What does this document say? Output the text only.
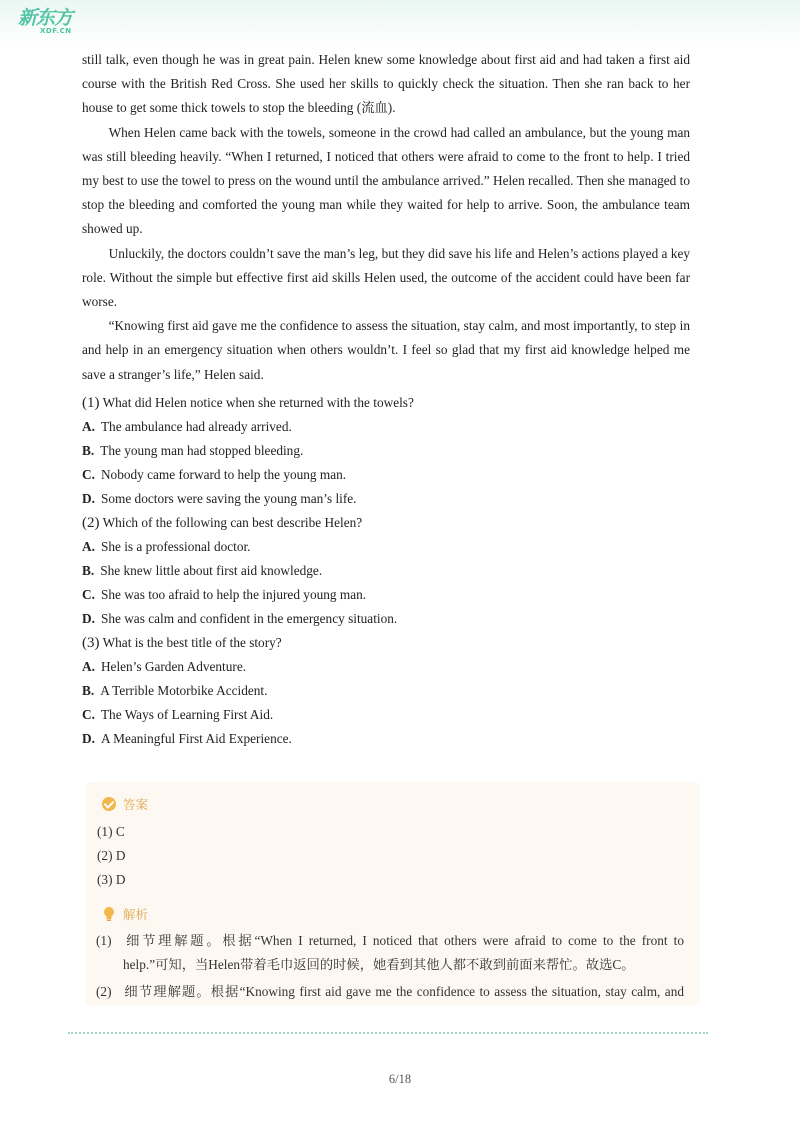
新东方
XDF.CN

still talk, even though he was in great pain. Helen knew some knowledge about first aid and had taken a first aid course with the British Red Cross. She used her skills to quickly check the situation. Then she ran back to her house to get some thick towels to stop the bleeding (流血).

When Helen came back with the towels, someone in the crowd had called an ambulance, but the young man was still bleeding heavily. “When I returned, I noticed that others were afraid to come to the front to help. I tried my best to use the towel to press on the wound until the ambulance arrived.” Helen recalled. Then she managed to stop the bleeding and comforted the young man while they waited for help to arrive. Soon, the ambulance team showed up.

Unluckily, the doctors couldn’t save the man’s leg, but they did save his life and Helen’s actions played a key role. Without the simple but effective first aid skills Helen used, the outcome of the accident could have been far worse.

“Knowing first aid gave me the confidence to assess the situation, stay calm, and most importantly, to step in and help in an emergency situation when others wouldn’t. I feel so glad that my first aid knowledge helped me save a stranger’s life,” Helen said.

(1) What did Helen notice when she returned with the towels?
A. The ambulance had already arrived.
B. The young man had stopped bleeding.
C. Nobody came forward to help the young man.
D. Some doctors were saving the young man’s life.
(2) Which of the following can best describe Helen?
A. She is a professional doctor.
B. She knew little about first aid knowledge.
C. She was too afraid to help the injured young man.
D. She was calm and confident in the emergency situation.
(3) What is the best title of the story?
A. Helen’s Garden Adventure.
B. A Terrible Motorbike Accident.
C. The Ways of Learning First Aid.
D. A Meaningful First Aid Experience.
答案
(1) C
(2) D
(3) D
解析
(1) 细节理解题。根据“When I returned, I noticed that others were afraid to come to the front to
help.”可知，当Helen带着毛巾返回的时候，她看到其他人都不敢到前面来帮忙。故选C。
(2) 细节理解题。根据“Knowing first aid gave me the confidence to assess the situation, stay calm, and
6/18
